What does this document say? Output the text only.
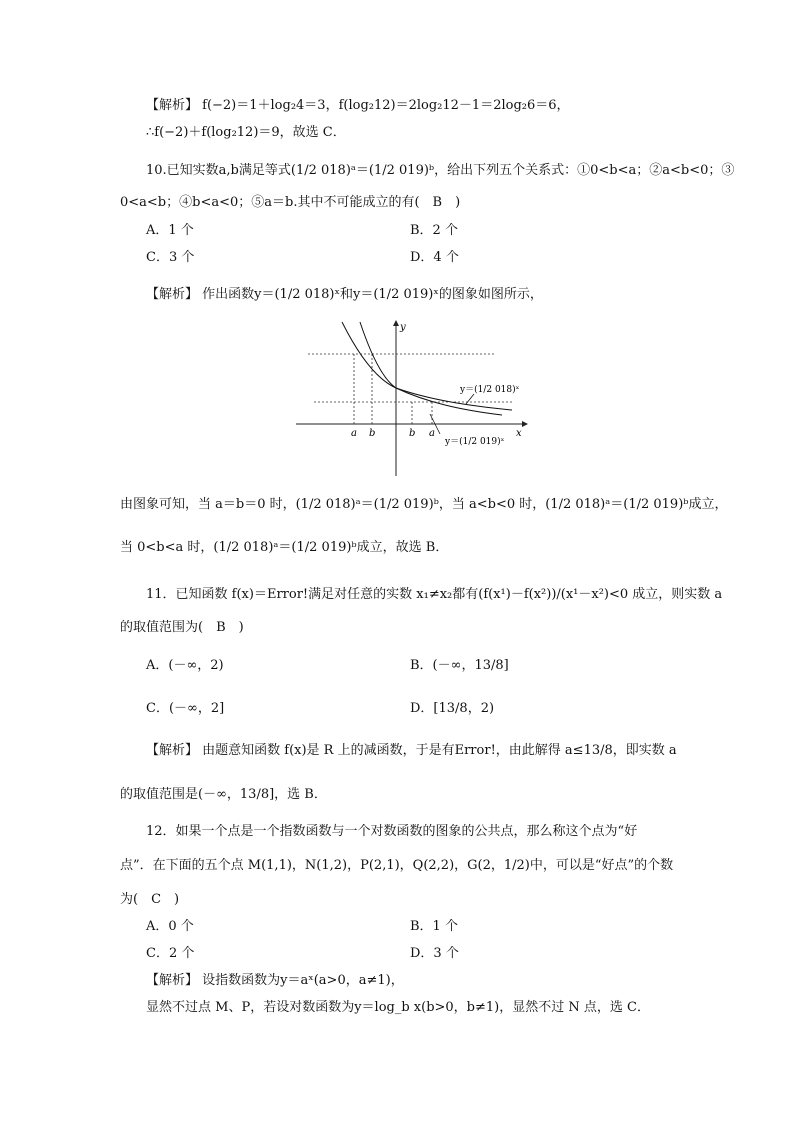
【解析】 f(−2)＝1＋log₂4＝3，f(log₂12)＝2log₂12－1＝2log₂6＝6，
∴f(−2)＋f(log₂12)＝9，故选 C．
10.已知实数a,b满足等式(1/2 018)ᵃ＝(1/2 019)ᵇ，给出下列五个关系式：①0<b<a；②a<b<0；③
0<a<b；④b<a<0；⑤a＝b.其中不可能成立的有(　B　)
A．1 个	B．2 个
C．3 个	D．4 个
【解析】 作出函数y＝(1/2 018)ˣ和y＝(1/2 019)ˣ的图象如图所示，
y
x
a b	b a
y＝(1/2 018)ˣ
y＝(1/2 019)ˣ
由图象可知，当 a＝b＝0 时，(1/2 018)ᵃ＝(1/2 019)ᵇ，当 a<b<0 时，(1/2 018)ᵃ＝(1/2 019)ᵇ成立，
当 0<b<a 时，(1/2 018)ᵃ＝(1/2 019)ᵇ成立，故选 B．
11．已知函数 f(x)＝Error!满足对任意的实数 x₁≠x₂都有(f(x¹)－f(x²))/(x¹－x²)<0 成立，则实数 a
的取值范围为(　B　)
A．(－∞，2)	B．(－∞，13/8]
C．(－∞，2]	D．[13/8，2)
【解析】 由题意知函数 f(x)是 R 上的减函数，于是有Error!，由此解得 a≤13/8，即实数 a
的取值范围是(－∞，13/8]，选 B．
12．如果一个点是一个指数函数与一个对数函数的图象的公共点，那么称这个点为“好
点”．在下面的五个点 M(1,1)，N(1,2)，P(2,1)，Q(2,2)，G(2，1/2)中，可以是“好点”的个数
为(　C　)
A．0 个	B．1 个
C．2 个	D．3 个
【解析】 设指数函数为y＝aˣ(a>0，a≠1)，
显然不过点 M、P，若设对数函数为y＝log_b x(b>0，b≠1)，显然不过 N 点，选 C．
